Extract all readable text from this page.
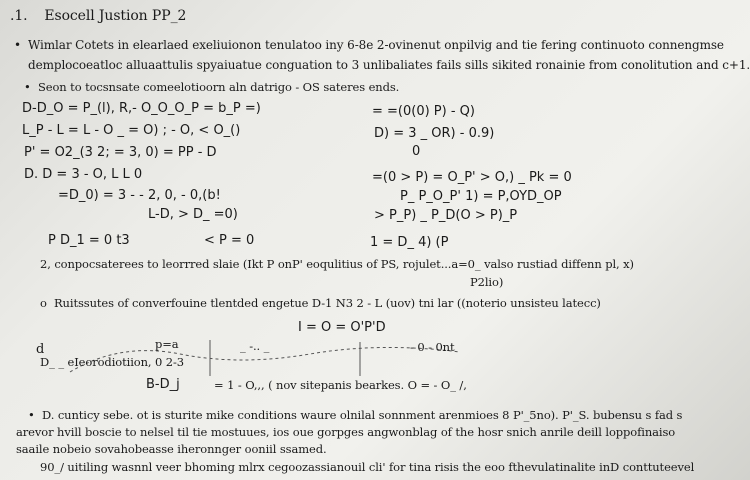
.1. Esocell Justion PP_2
• Wimlar Cotets in elearlaed exeliuionon tenulatoo iny 6-8e 2-ovinenut onpilvig and tie fering continuoto connengmse
demplocoeatloc alluaattulis spyaiuatue conguation to 3 unlibaliates fails sills sikited ronainie from conolitution and c+1.
• Seon to tocsnsate comeelotioorn aln datrigo - OS sateres ends.
D-D_O = P_(l), R,- O_O_O_P = b_P =)
L_P - L = L - O _ = O) ; - O, < O_()
P' = O2_(3 2; = 3, 0) = PP - D
D. D = 3 - O, L L 0
=D_0) = 3 - - 2, 0, - 0,(b!
L-D, > D_ =0)
= =(0(0) P) - Q)
D) = 3 _ OR) - 0.9)
0
=(0 > P) = O_P' > O,) _ Pk = 0
P_ P_O_P' 1) = P,OYD_OP
> P_P) _ P_D(O > P)_P
P D_1 = 0 t3	< P = 0	1 = D_ 4) (P
2, conpocsaterees to leorrred slaie (Ikt P onP' eoqulitius of PS, rojulet...a=0_ valso rustiad diffenn pl, x)
P2lio)
o Ruitssutes of converfouine tlentded engetue D-1 N3 2 - L (uov) tni lar ((noterio unsisteu latecc)
I = O = O'P'D
p=a	_ -.. _	- 0 - 0nt
d
D_ _ eIeorodiotiion, 0 2-3
B-D_j	= 1 - O,,, ( nov sitepanis bearkes. O = - O_ /,
• D. cunticy sebe. ot is sturite mike conditions waure olnilal sonnment arenmioes 8 P'_5no). P'_S. bubensu s fad s
arevor hvill boscie to nelsel til tie mostuues, ios oue gorpges angwonblag of the hosr snich anrile deill loppofinaiso
saaile nobeio sovahobeasse iheronnger ooniil ssamed.
90_/ uitiling wasnnl veer bhoming mlrx cegoozassianouil cli' for tina risis the eoo fthevulatinalite inD conttuteevel
